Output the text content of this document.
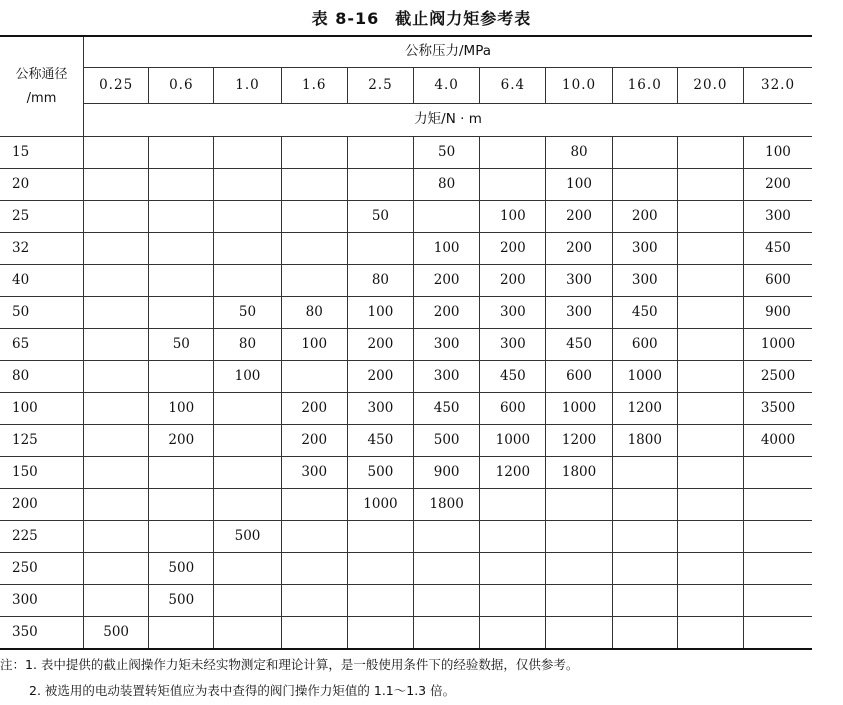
表 8-16 截止阀力矩参考表
公称通径
/mm	公称压力/MPa										
	0.25	0.6	1.0	1.6	2.5	4.0	6.4	10.0	16.0	20.0	32.0
	力矩/N · m										
15						50		80			100
20						80		100			200
25					50		100	200	200		300
32						100	200	200	300		450
40					80	200	200	300	300		600
50			50	80	100	200	300	300	450		900
65		50	80	100	200	300	300	450	600		1000
80			100		200	300	450	600	1000		2500
100		100		200	300	450	600	1000	1200		3500
125		200		200	450	500	1000	1200	1800		4000
150				300	500	900	1200	1800			
200					1000	1800					
225			500								
250		500									
300		500									
350	500										
注：1. 表中提供的截止阀操作力矩未经实物测定和理论计算，是一般使用条件下的经验数据，仅供参考。
2. 被选用的电动装置转矩值应为表中查得的阀门操作力矩值的 1.1～1.3 倍。
